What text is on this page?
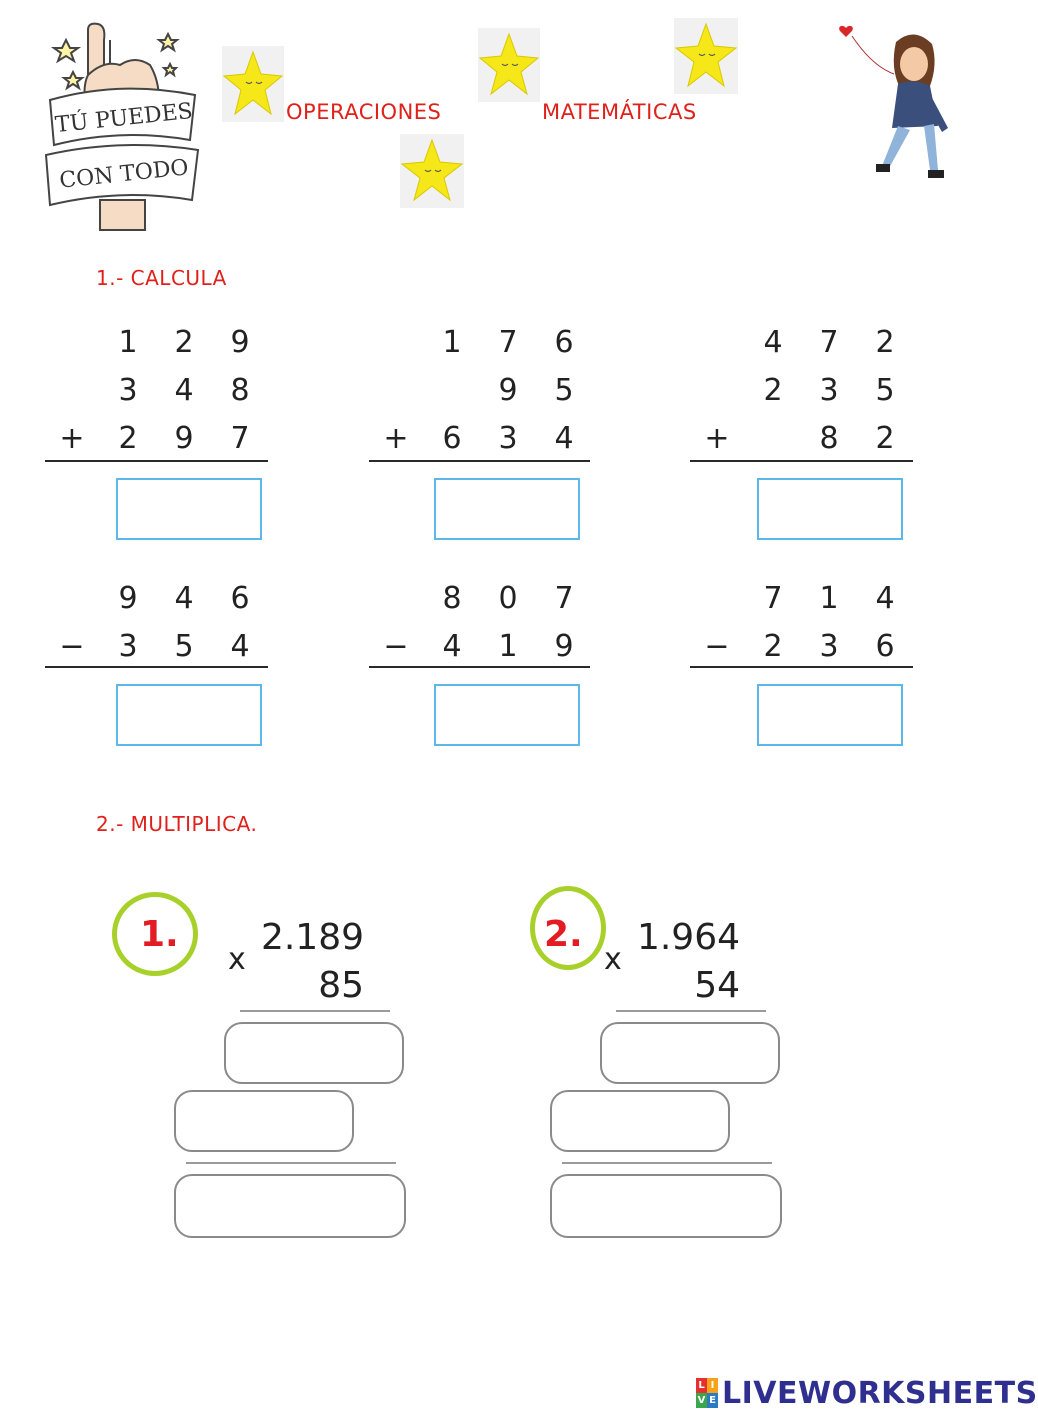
TÚ PUEDES
CON TODO
OPERACIONES	MATEMÁTICAS
1.- CALCULA
1 2 9
3 4 8
+ 2 9 7
1 7 6
9 5
+ 6 3 4
4 7 2
2 3 5
+	8 2
9 4 6
− 3 5 4
8 0 7
− 4 1 9
7 1 4
− 2 3 6
2.- MULTIPLICA.
1.
x
2.189
85
2.
x
1.964
54
L I
V E LIVEWORKSHEETS
